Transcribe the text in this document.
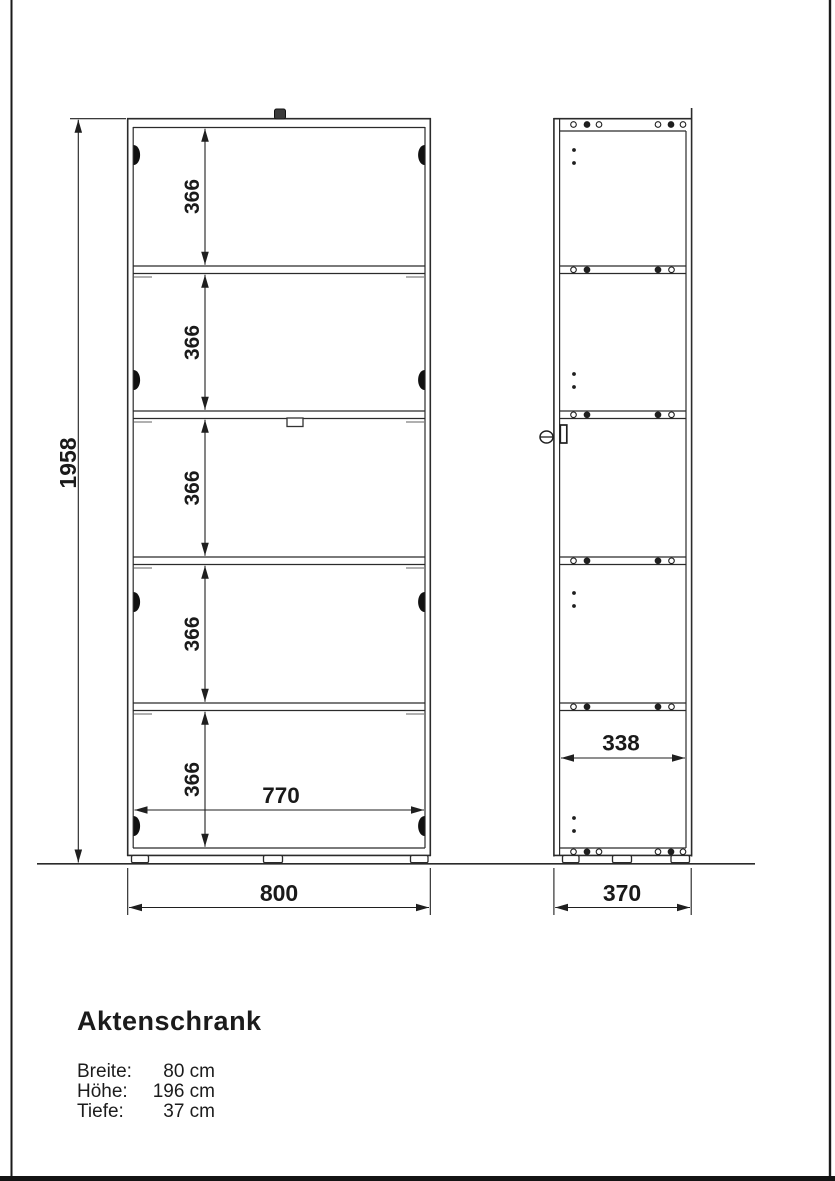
1958
366
366
366
366
366	770
800
338
370
Aktenschrank
Breite:	80 cm
Höhe:	196 cm
Tiefe:	37 cm
